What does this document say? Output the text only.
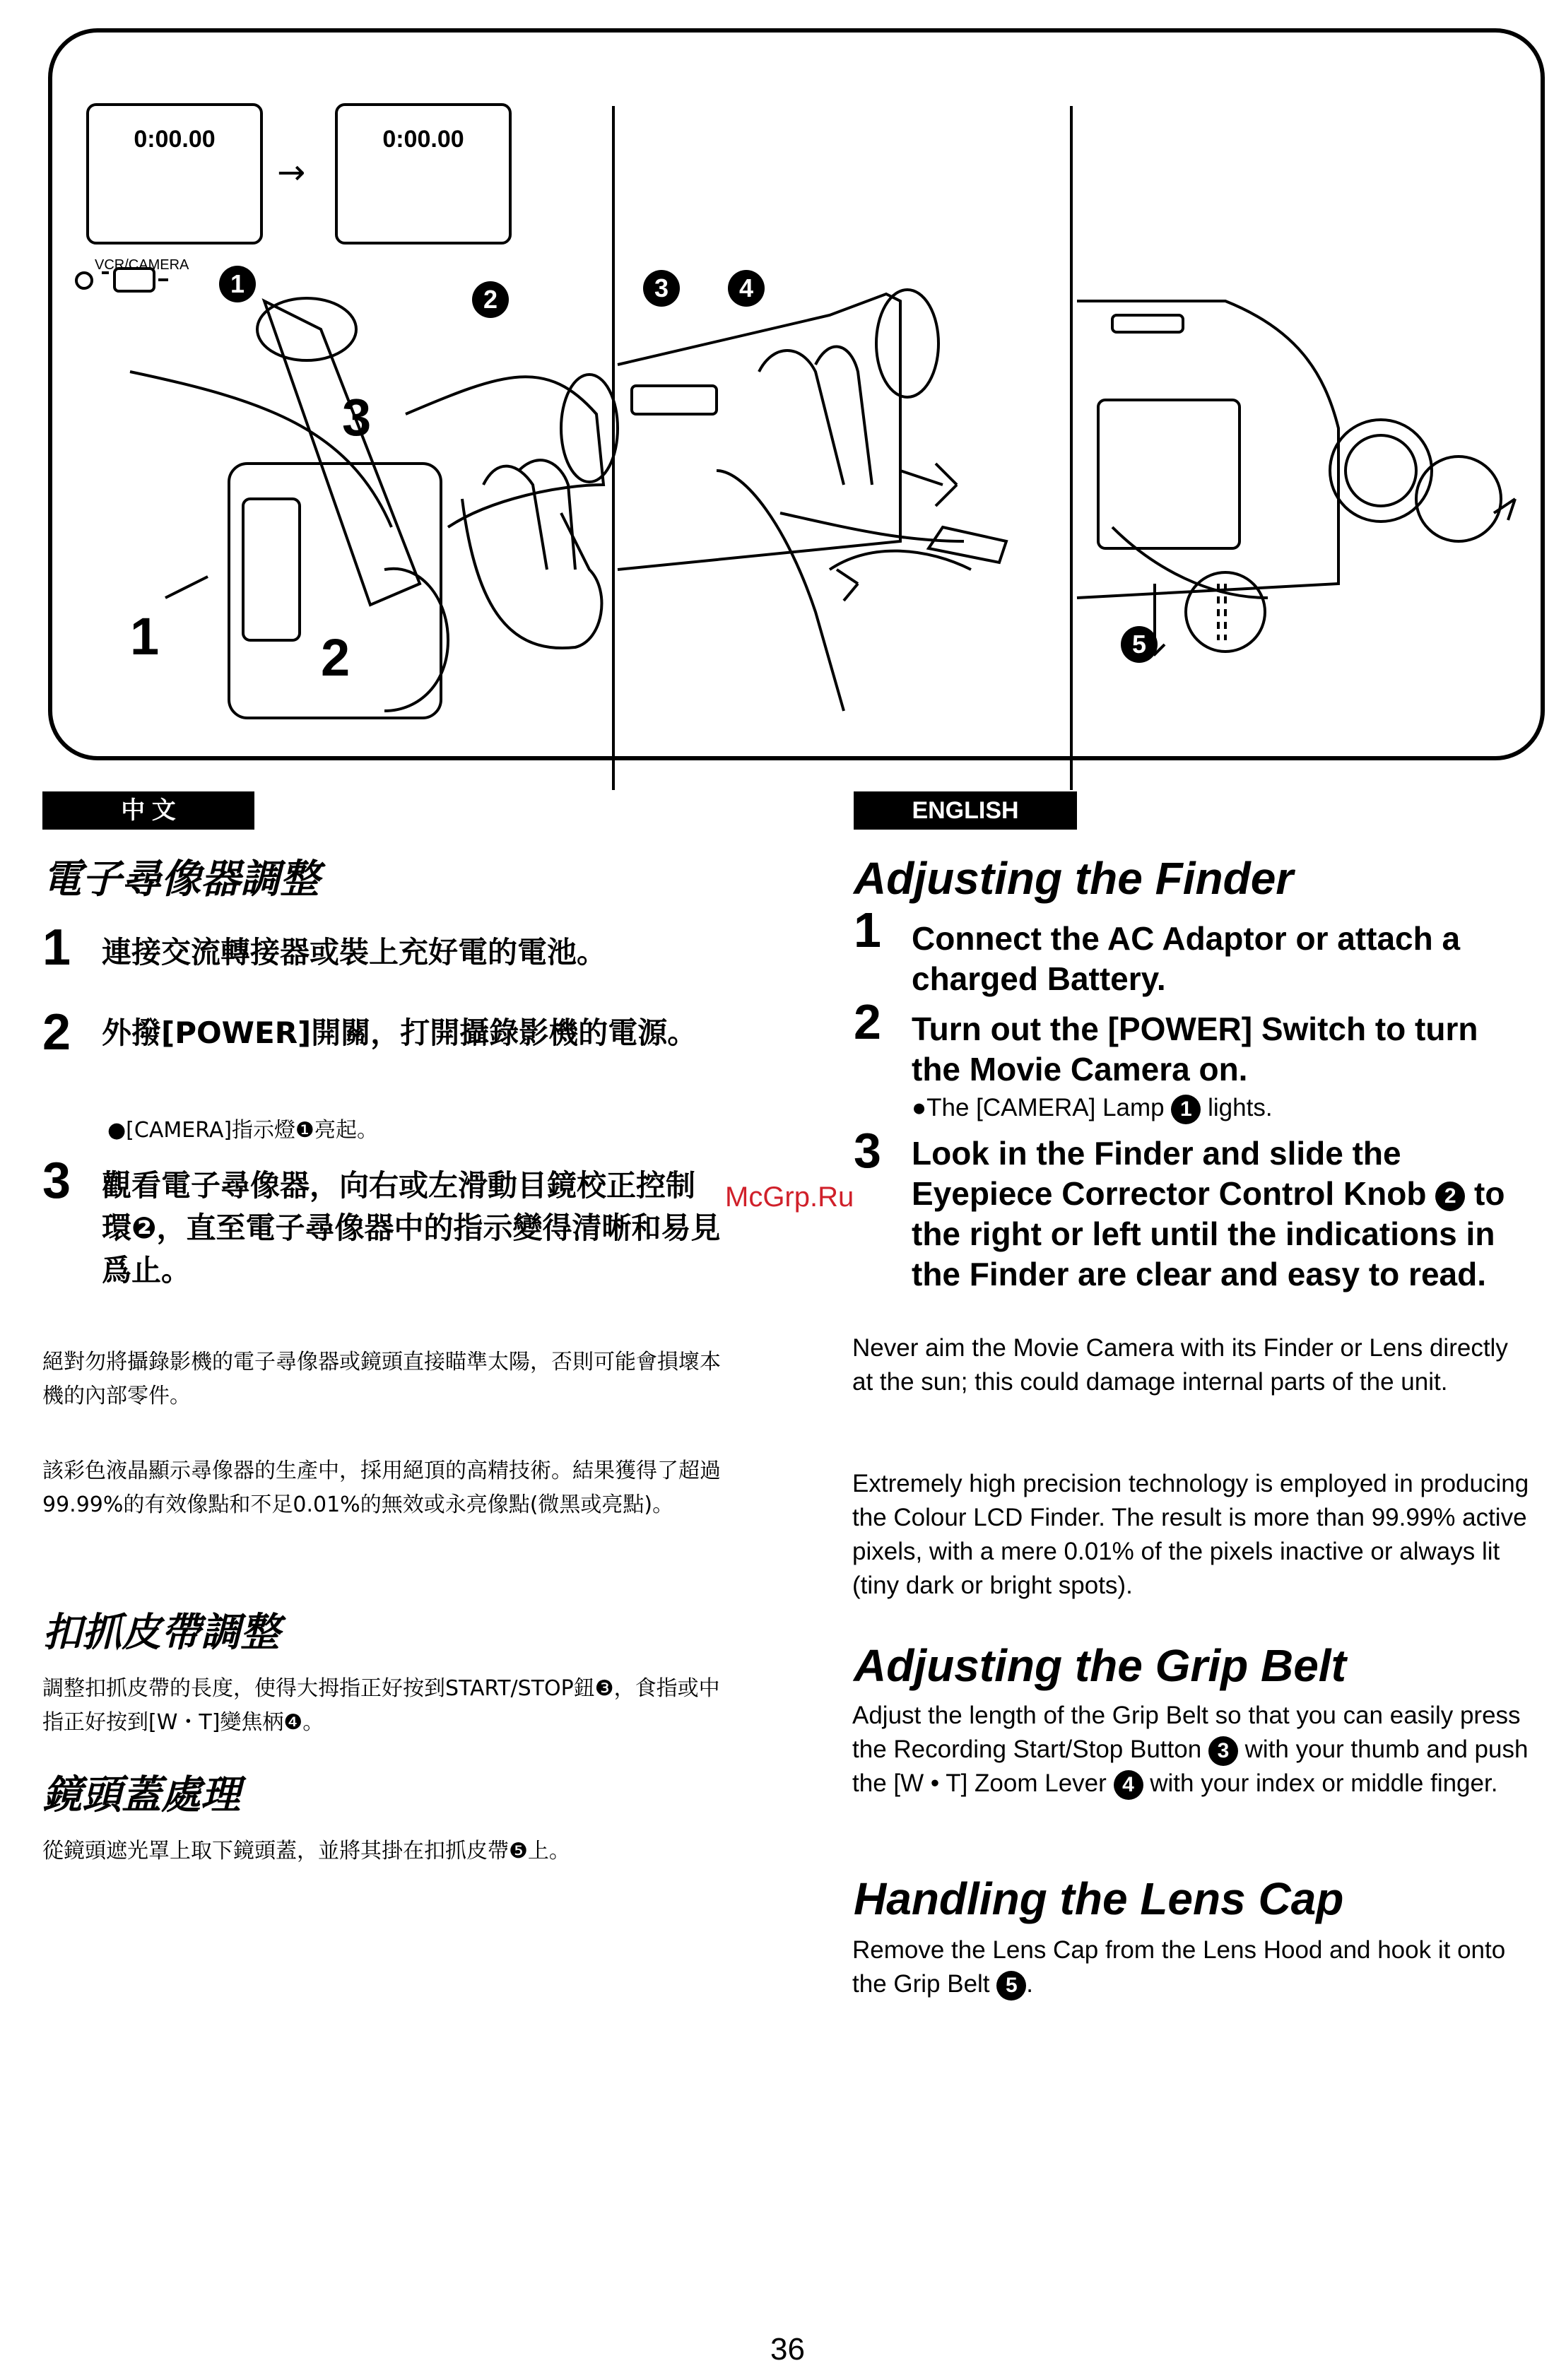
0:00.00
→
0:00.00
VCR/CAMERA
1	2
3
1
2	3	4
5
中 文
電子尋像器調整
1 連接交流轉接器或裝上充好電的電池。
2 外撥[POWER]開關，打開攝錄影機的電源。
●[CAMERA]指示燈❶亮起。
3 觀看電子尋像器，向右或左滑動目鏡校正控制環❷，直至電子尋像器中的指示變得清晰和易見爲止。
絕對勿將攝錄影機的電子尋像器或鏡頭直接瞄準太陽，否則可能會損壞本機的內部零件。
該彩色液晶顯示尋像器的生產中，採用絕頂的高精技術。結果獲得了超過99.99%的有效像點和不足0.01%的無效或永亮像點(微黑或亮點)。
扣抓皮帶調整
調整扣抓皮帶的長度，使得大拇指正好按到START/STOP鈕❸，食指或中指正好按到[W・T]變焦柄❹。
鏡頭蓋處理
從鏡頭遮光罩上取下鏡頭蓋，並將其掛在扣抓皮帶❺上。
ENGLISH
Adjusting the Finder
1 Connect the AC Adaptor or attach a charged Battery.
2 Turn out the [POWER] Switch to turn the Movie Camera on.
●The [CAMERA] Lamp 1 lights.
3 Look in the Finder and slide the Eyepiece Corrector Control Knob 2 to the right or left until the indications in the Finder are clear and easy to read.
Never aim the Movie Camera with its Finder or Lens directly at the sun; this could damage internal parts of the unit.
Extremely high precision technology is employed in producing the Colour LCD Finder. The result is more than 99.99% active pixels, with a mere 0.01% of the pixels inactive or always lit (tiny dark or bright spots).
Adjusting the Grip Belt
Adjust the length of the Grip Belt so that you can easily press the Recording Start/Stop Button 3 with your thumb and push the [W • T] Zoom Lever 4 with your index or middle finger.
Handling the Lens Cap
Remove the Lens Cap from the Lens Hood and hook it onto the Grip Belt 5 .
McGrp.Ru
36
